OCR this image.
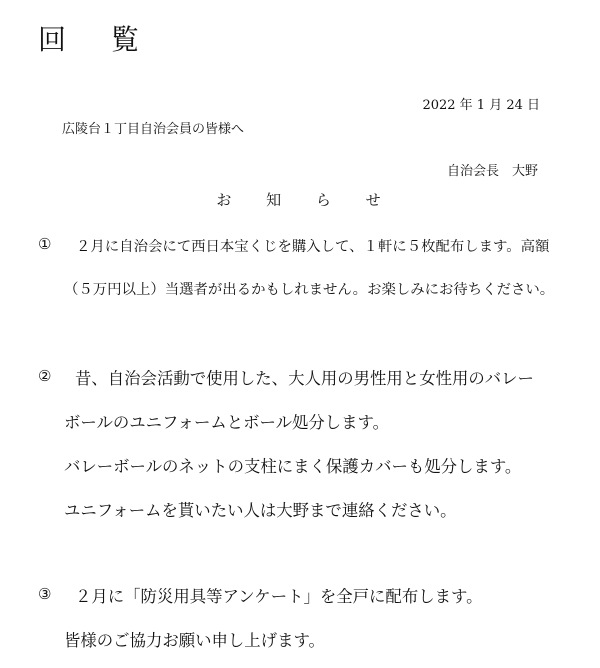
回 覧
2022 年 1 月 24 日
広陵台１丁目自治会員の皆様へ
自治会長　大野
お 知 ら せ
① ２月に自治会にて西日本宝くじを購入して、１軒に５枚配布します。高額
（５万円以上）当選者が出るかもしれません。お楽しみにお待ちください。
② 昔、自治会活動で使用した、大人用の男性用と女性用のバレー
ボールのユニフォームとボール処分します。
バレーボールのネットの支柱にまく保護カバーも処分します。
ユニフォームを貰いたい人は大野まで連絡ください。
③ ２月に「防災用具等アンケート」を全戸に配布します。
皆様のご協力お願い申し上げます。
